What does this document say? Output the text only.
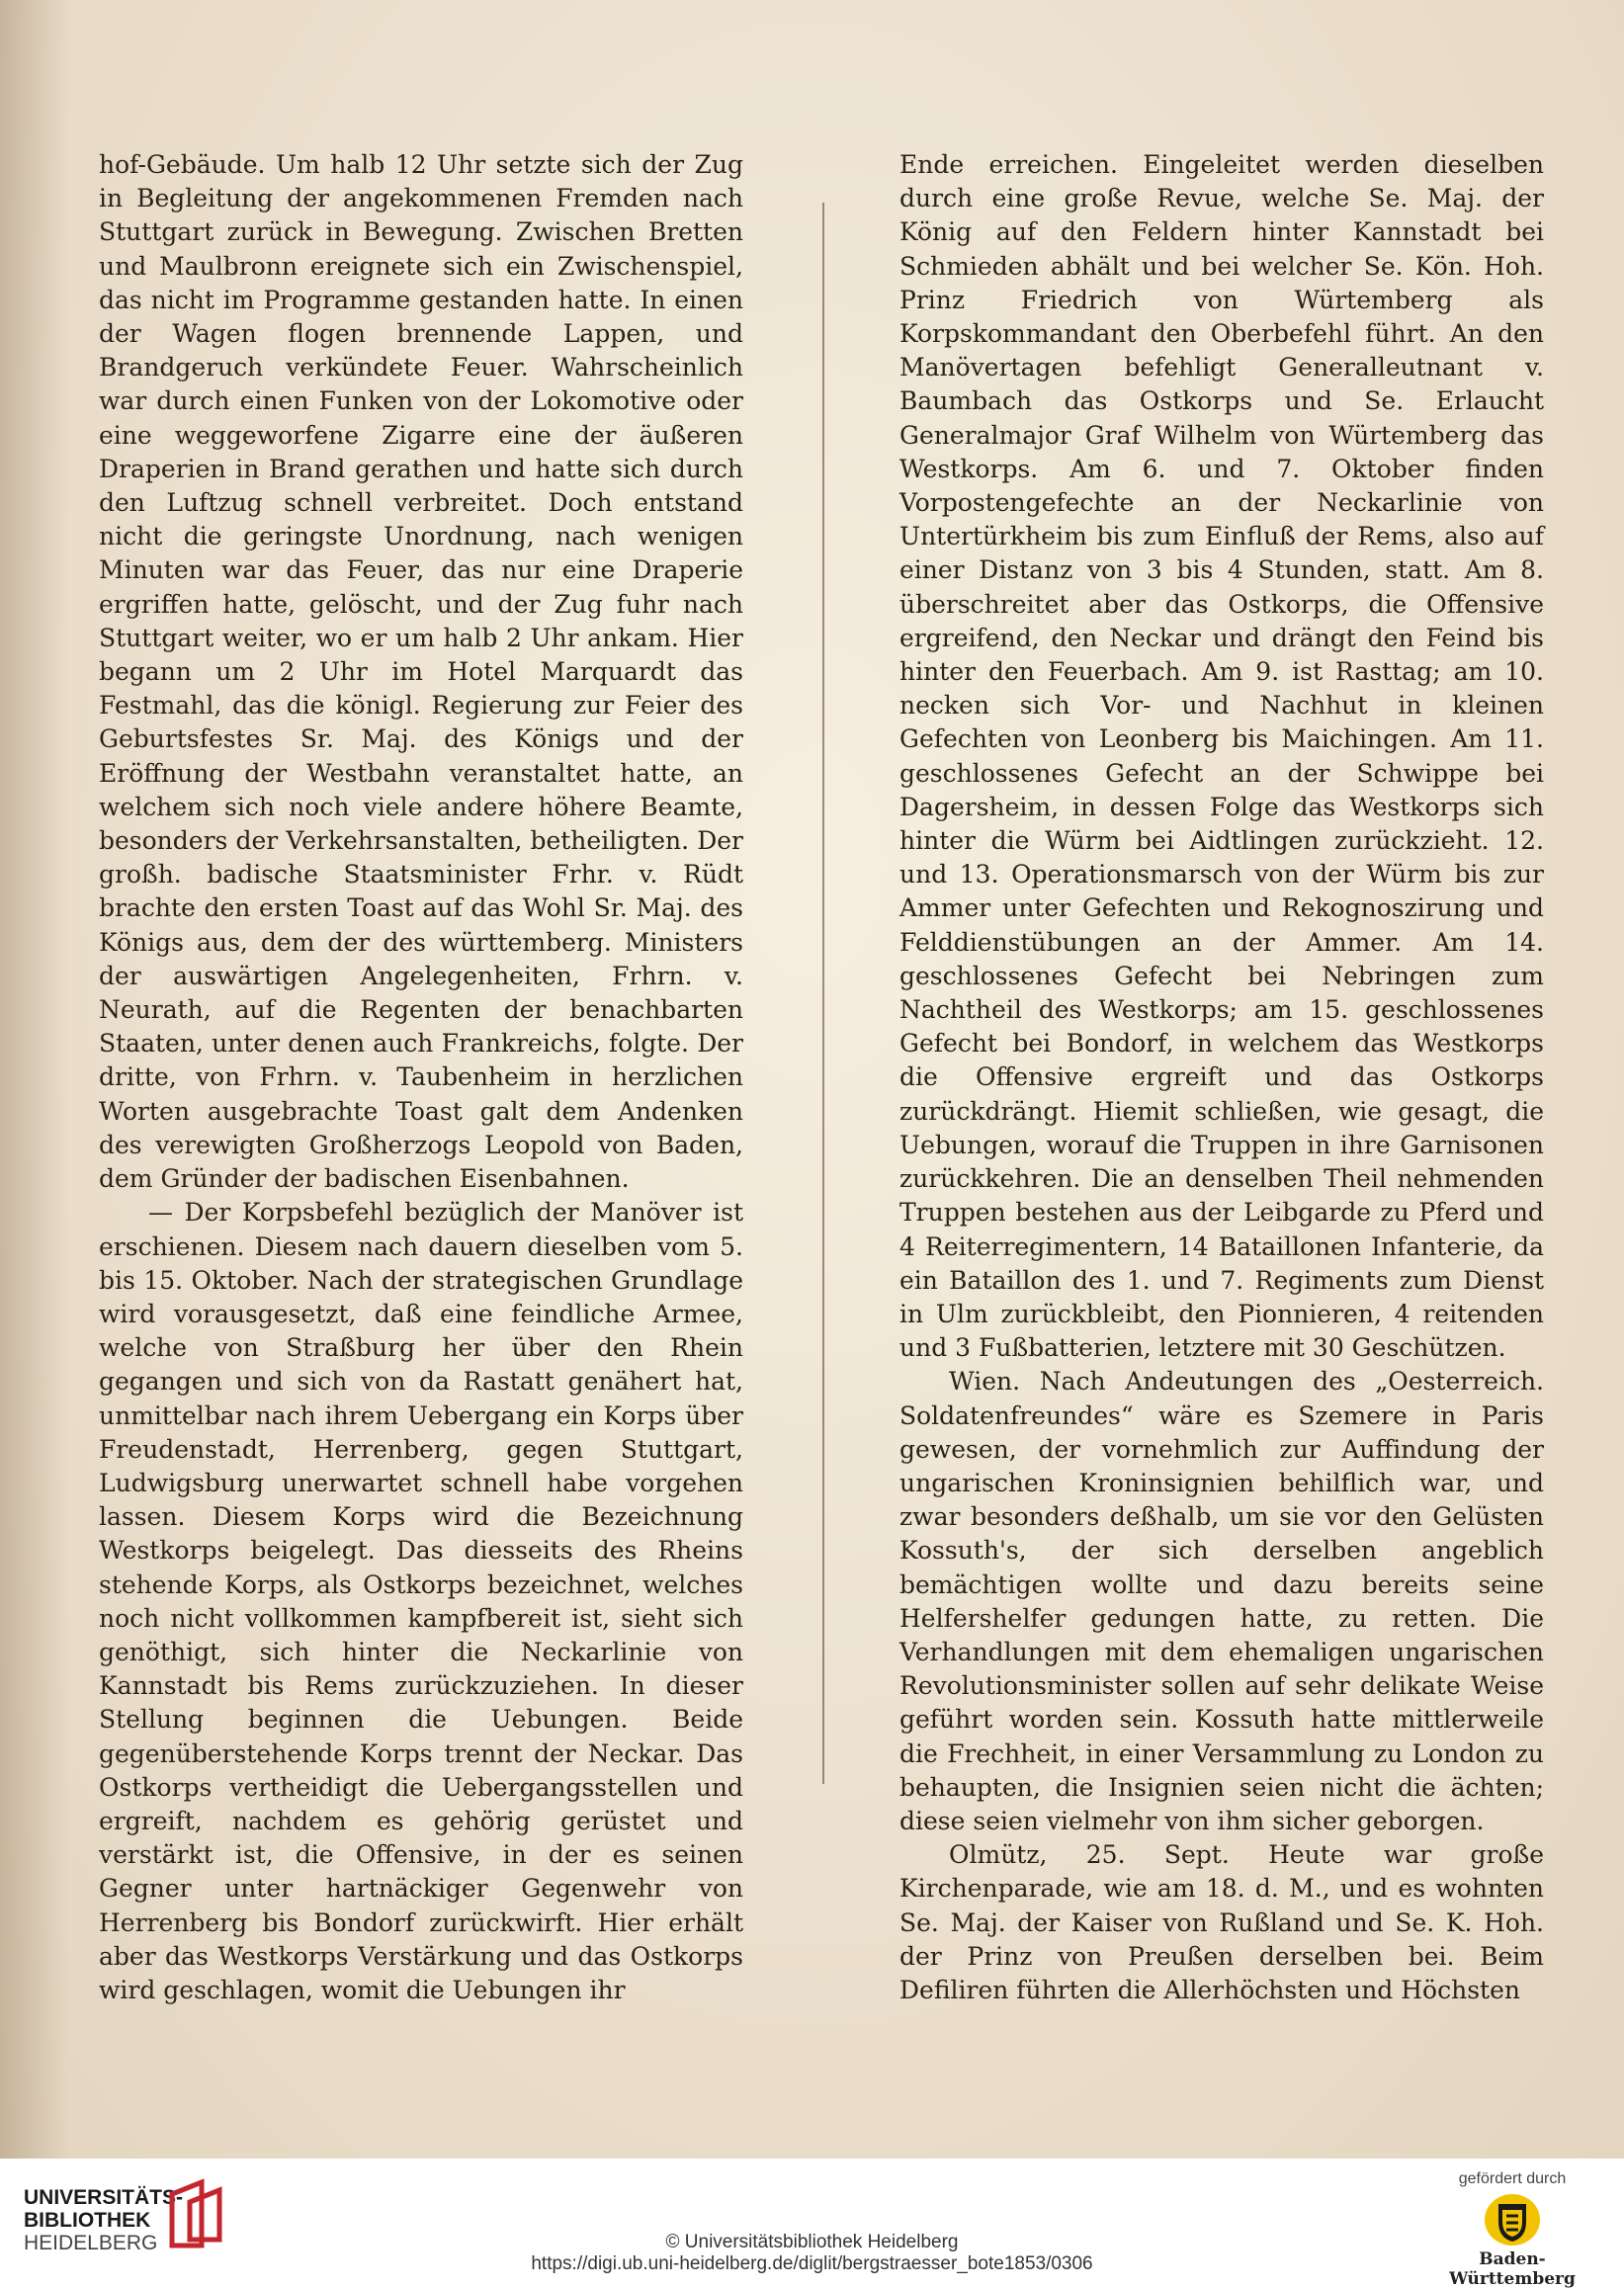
hof-Gebäude. Um halb 12 Uhr setzte sich der Zug in Begleitung der angekommenen Fremden nach Stuttgart zurück in Bewegung. Zwischen Bretten und Maulbronn ereignete sich ein Zwischenspiel, das nicht im Programme gestanden hatte. In einen der Wagen flogen brennende Lappen, und Brandgeruch verkündete Feuer. Wahrscheinlich war durch einen Funken von der Lokomotive oder eine weggeworfene Zigarre eine der äußeren Draperien in Brand gerathen und hatte sich durch den Luftzug schnell verbreitet. Doch entstand nicht die geringste Unordnung, nach wenigen Minuten war das Feuer, das nur eine Draperie ergriffen hatte, gelöscht, und der Zug fuhr nach Stuttgart weiter, wo er um halb 2 Uhr ankam. Hier begann um 2 Uhr im Hotel Marquardt das Festmahl, das die königl. Regierung zur Feier des Geburtsfestes Sr. Maj. des Königs und der Eröffnung der Westbahn veranstaltet hatte, an welchem sich noch viele andere höhere Beamte, besonders der Verkehrsanstalten, betheiligten. Der großh. badische Staatsminister Frhr. v. Rüdt brachte den ersten Toast auf das Wohl Sr. Maj. des Königs aus, dem der des württemberg. Ministers der auswärtigen Angelegenheiten, Frhrn. v. Neurath, auf die Regenten der benachbarten Staaten, unter denen auch Frankreichs, folgte. Der dritte, von Frhrn. v. Taubenheim in herzlichen Worten ausgebrachte Toast galt dem Andenken des verewigten Großherzogs Leopold von Baden, dem Gründer der badischen Eisenbahnen.

— Der Korpsbefehl bezüglich der Manöver ist erschienen. Diesem nach dauern dieselben vom 5. bis 15. Oktober. Nach der strategischen Grundlage wird vorausgesetzt, daß eine feindliche Armee, welche von Straßburg her über den Rhein gegangen und sich von da Rastatt genähert hat, unmittelbar nach ihrem Uebergang ein Korps über Freudenstadt, Herrenberg, gegen Stuttgart, Ludwigsburg unerwartet schnell habe vorgehen lassen. Diesem Korps wird die Bezeichnung Westkorps beigelegt. Das diesseits des Rheins stehende Korps, als Ostkorps bezeichnet, welches noch nicht vollkommen kampfbereit ist, sieht sich genöthigt, sich hinter die Neckarlinie von Kannstadt bis Rems zurückzuziehen. In dieser Stellung beginnen die Uebungen. Beide gegenüberstehende Korps trennt der Neckar. Das Ostkorps vertheidigt die Uebergangsstellen und ergreift, nachdem es gehörig gerüstet und verstärkt ist, die Offensive, in der es seinen Gegner unter hartnäckiger Gegenwehr von Herrenberg bis Bondorf zurückwirft. Hier erhält aber das Westkorps Verstärkung und das Ostkorps wird geschlagen, womit die Uebungen ihr

Ende erreichen. Eingeleitet werden dieselben durch eine große Revue, welche Se. Maj. der König auf den Feldern hinter Kannstadt bei Schmieden abhält und bei welcher Se. Kön. Hoh. Prinz Friedrich von Würtemberg als Korpskommandant den Oberbefehl führt. An den Manövertagen befehligt Generalleutnant v. Baumbach das Ostkorps und Se. Erlaucht Generalmajor Graf Wilhelm von Würtemberg das Westkorps. Am 6. und 7. Oktober finden Vorpostengefechte an der Neckarlinie von Untertürkheim bis zum Einfluß der Rems, also auf einer Distanz von 3 bis 4 Stunden, statt. Am 8. überschreitet aber das Ostkorps, die Offensive ergreifend, den Neckar und drängt den Feind bis hinter den Feuerbach. Am 9. ist Rasttag; am 10. necken sich Vor- und Nachhut in kleinen Gefechten von Leonberg bis Maichingen. Am 11. geschlossenes Gefecht an der Schwippe bei Dagersheim, in dessen Folge das Westkorps sich hinter die Würm bei Aidtlingen zurückzieht. 12. und 13. Operationsmarsch von der Würm bis zur Ammer unter Gefechten und Rekognoszirung und Felddienstübungen an der Ammer. Am 14. geschlossenes Gefecht bei Nebringen zum Nachtheil des Westkorps; am 15. geschlossenes Gefecht bei Bondorf, in welchem das Westkorps die Offensive ergreift und das Ostkorps zurückdrängt. Hiemit schließen, wie gesagt, die Uebungen, worauf die Truppen in ihre Garnisonen zurückkehren. Die an denselben Theil nehmenden Truppen bestehen aus der Leibgarde zu Pferd und 4 Reiterregimentern, 14 Bataillonen Infanterie, da ein Bataillon des 1. und 7. Regiments zum Dienst in Ulm zurückbleibt, den Pionnieren, 4 reitenden und 3 Fußbatterien, letztere mit 30 Geschützen.

Wien. Nach Andeutungen des „Oesterreich. Soldatenfreundes“ wäre es Szemere in Paris gewesen, der vornehmlich zur Auffindung der ungarischen Kroninsignien behilflich war, und zwar besonders deßhalb, um sie vor den Gelüsten Kossuth's, der sich derselben angeblich bemächtigen wollte und dazu bereits seine Helfershelfer gedungen hatte, zu retten. Die Verhandlungen mit dem ehemaligen ungarischen Revolutionsminister sollen auf sehr delikate Weise geführt worden sein. Kossuth hatte mittlerweile die Frechheit, in einer Versammlung zu London zu behaupten, die Insignien seien nicht die ächten; diese seien vielmehr von ihm sicher geborgen.

Olmütz, 25. Sept. Heute war große Kirchenparade, wie am 18. d. M., und es wohnten Se. Maj. der Kaiser von Rußland und Se. K. Hoh. der Prinz von Preußen derselben bei. Beim Defiliren führten die Allerhöchsten und Höchsten

UNIVERSITÄTS-
BIBLIOTHEK
HEIDELBERG	© Universitätsbibliothek Heidelberg
https://digi.ub.uni-heidelberg.de/diglit/bergstraesser_bote1853/0306
gefördert durch
Baden-Württemberg
